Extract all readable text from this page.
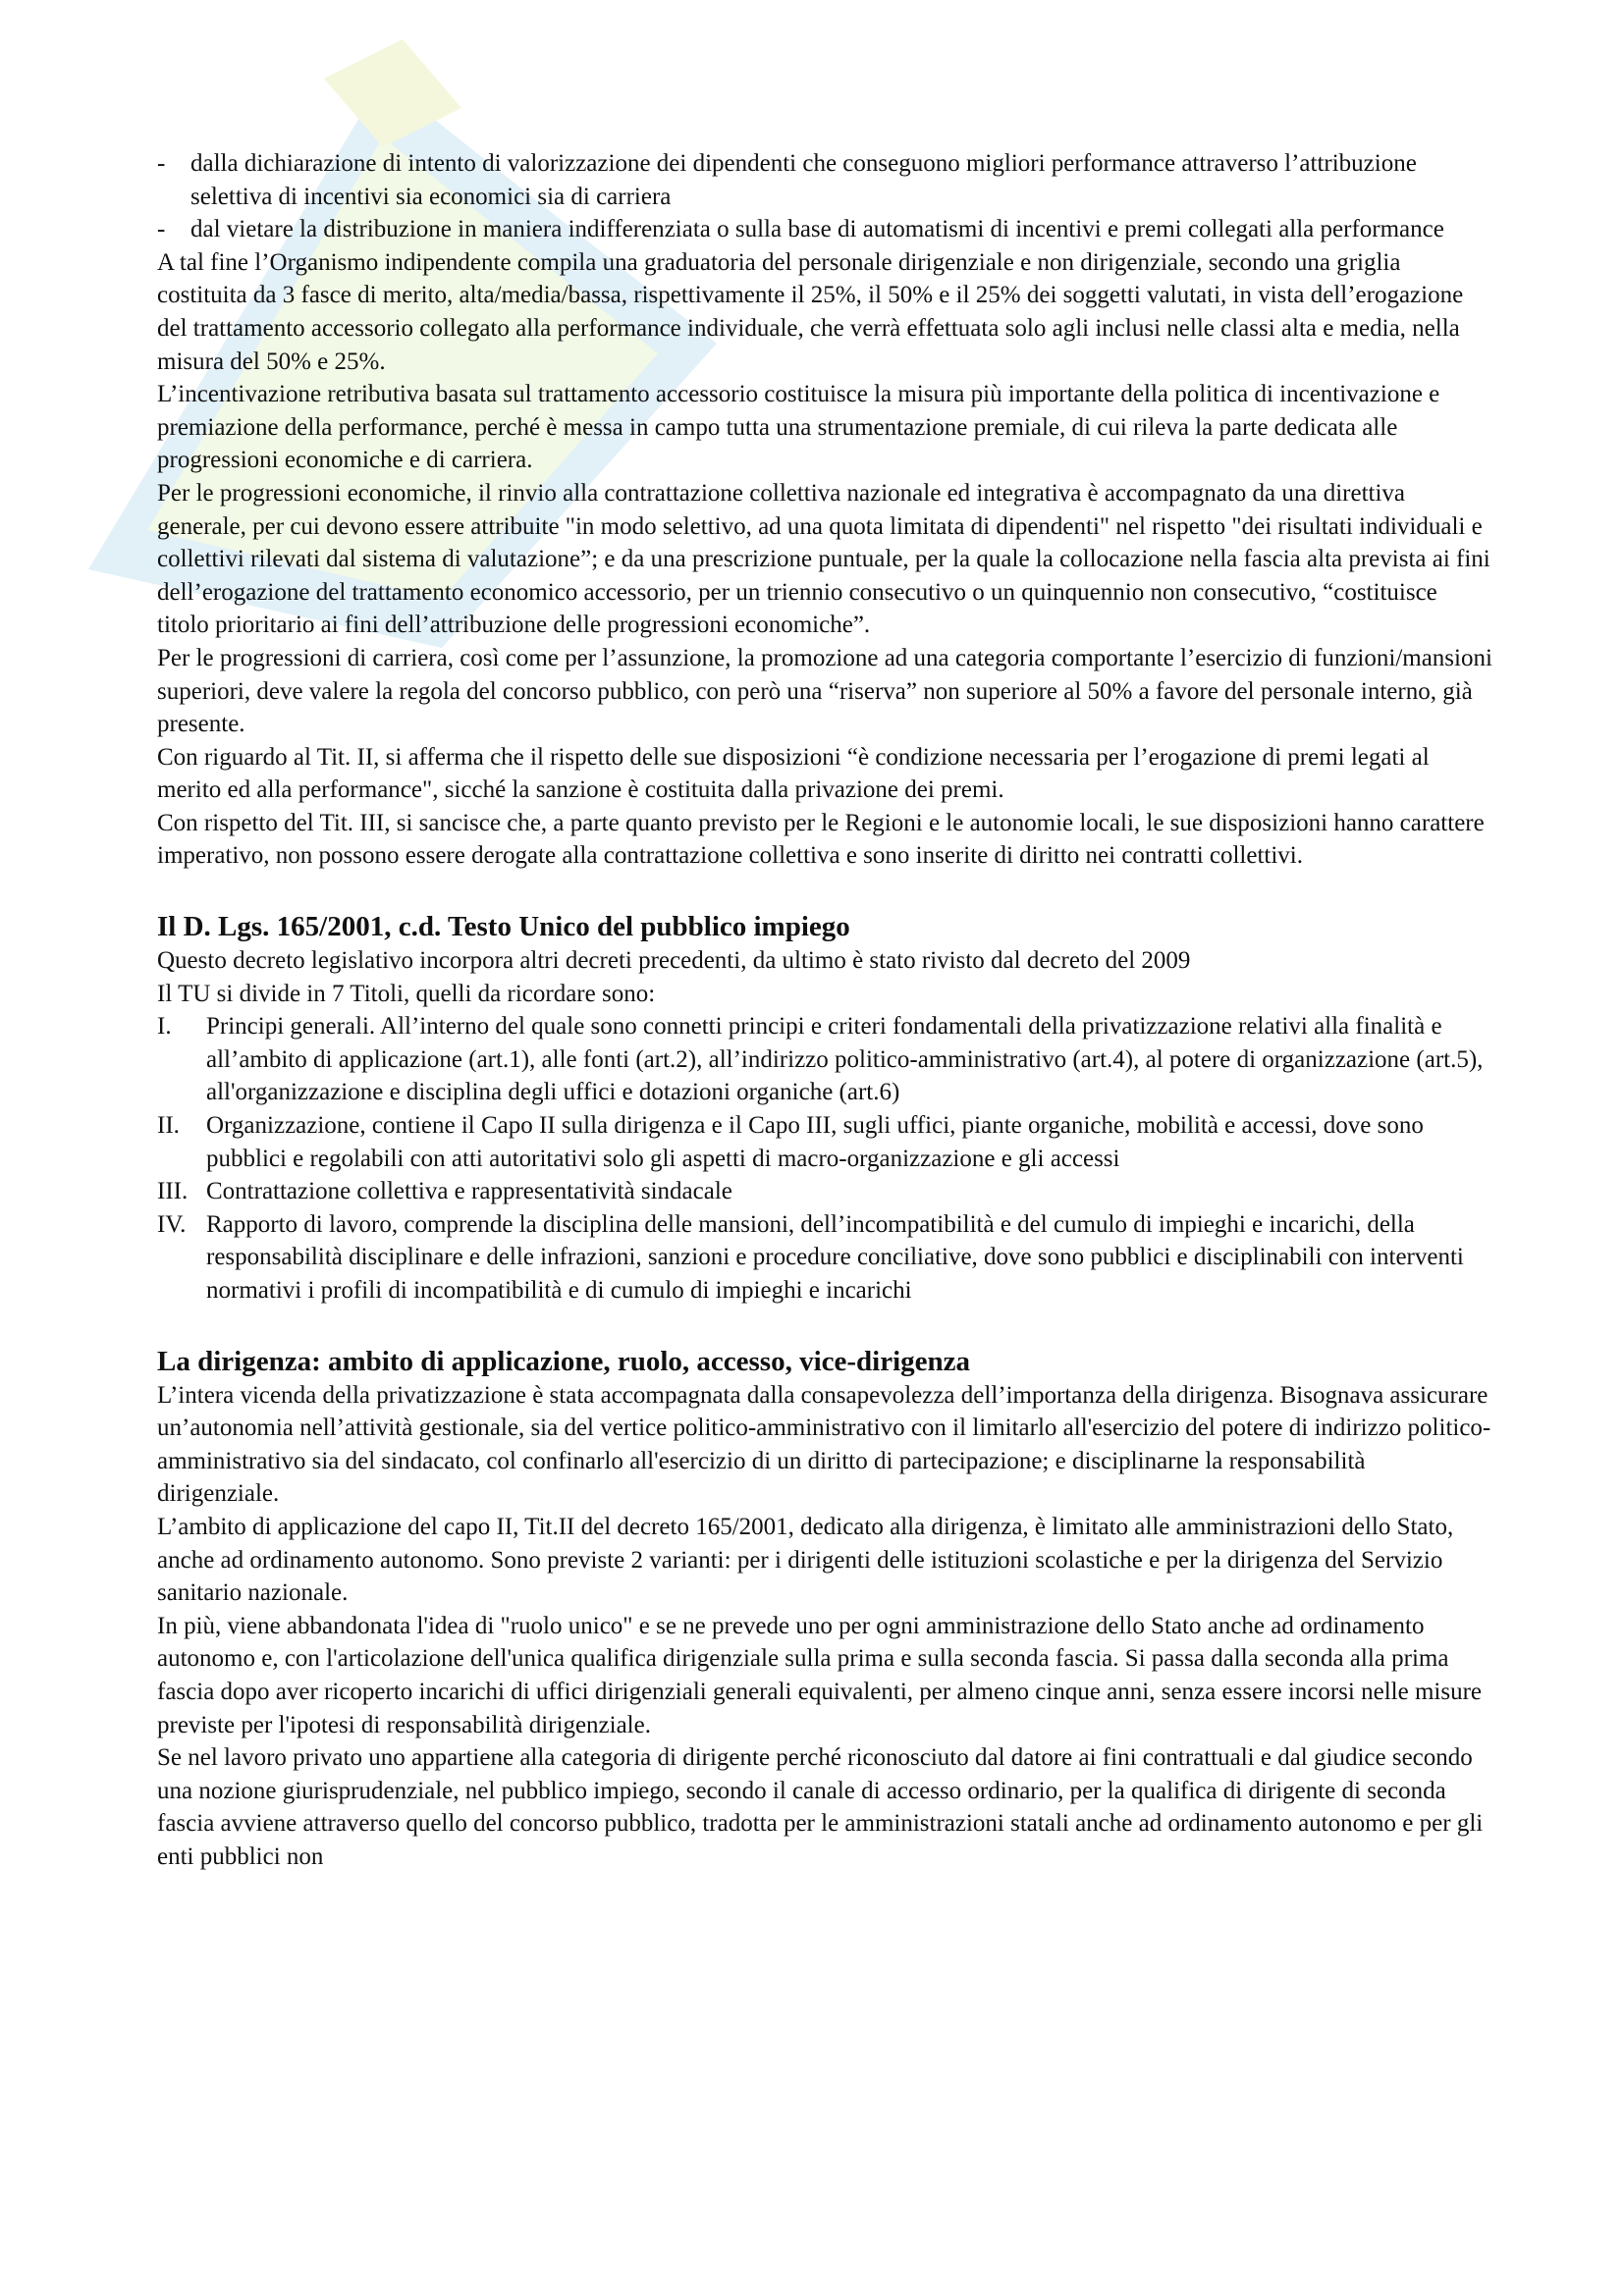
- dalla dichiarazione di intento di valorizzazione dei dipendenti che conseguono migliori performance attraverso l’attribuzione selettiva di incentivi sia economici sia di carriera
- dal vietare la distribuzione in maniera indifferenziata o sulla base di automatismi di incentivi e premi collegati alla performance

A tal fine l’Organismo indipendente compila una graduatoria del personale dirigenziale e non dirigenziale, secondo una griglia costituita da 3 fasce di merito, alta/media/bassa, rispettivamente il 25%, il 50% e il 25% dei soggetti valutati, in vista dell’erogazione del trattamento accessorio collegato alla performance individuale, che verrà effettuata solo agli inclusi nelle classi alta e media, nella misura del 50% e 25%.

L’incentivazione retributiva basata sul trattamento accessorio costituisce la misura più importante della politica di incentivazione e premiazione della performance, perché è messa in campo tutta una strumentazione premiale, di cui rileva la parte dedicata alle progressioni economiche e di carriera.

Per le progressioni economiche, il rinvio alla contrattazione collettiva nazionale ed integrativa è accompagnato da una direttiva generale, per cui devono essere attribuite "in modo selettivo, ad una quota limitata di dipendenti" nel rispetto "dei risultati individuali e collettivi rilevati dal sistema di valutazione”; e da una prescrizione puntuale, per la quale la collocazione nella fascia alta prevista ai fini dell’erogazione del trattamento economico accessorio, per un triennio consecutivo o un quinquennio non consecutivo, “costituisce titolo prioritario ai fini dell’attribuzione delle progressioni economiche”.

Per le progressioni di carriera, così come per l’assunzione, la promozione ad una categoria comportante l’esercizio di funzioni/mansioni superiori, deve valere la regola del concorso pubblico, con però una “riserva” non superiore al 50% a favore del personale interno, già presente.

Con riguardo al Tit. II, si afferma che il rispetto delle sue disposizioni “è condizione necessaria per l’erogazione di premi legati al merito ed alla performance", sicché la sanzione è costituita dalla privazione dei premi.

Con rispetto del Tit. III, si sancisce che, a parte quanto previsto per le Regioni e le autonomie locali, le sue disposizioni hanno carattere imperativo, non possono essere derogate alla contrattazione collettiva e sono inserite di diritto nei contratti collettivi.

Il D. Lgs. 165/2001, c.d. Testo Unico del pubblico impiego

Questo decreto legislativo incorpora altri decreti precedenti, da ultimo è stato rivisto dal decreto del 2009

Il TU si divide in 7 Titoli, quelli da ricordare sono:

I. Principi generali. All’interno del quale sono connetti principi e criteri fondamentali della privatizzazione relativi alla finalità e all’ambito di applicazione (art.1), alle fonti (art.2), all’indirizzo politico-amministrativo (art.4), al potere di organizzazione (art.5), all'organizzazione e disciplina degli uffici e dotazioni organiche (art.6)
II. Organizzazione, contiene il Capo II sulla dirigenza e il Capo III, sugli uffici, piante organiche, mobilità e accessi, dove sono pubblici e regolabili con atti autoritativi solo gli aspetti di macro-organizzazione e gli accessi
III. Contrattazione collettiva e rappresentatività sindacale
IV. Rapporto di lavoro, comprende la disciplina delle mansioni, dell’incompatibilità e del cumulo di impieghi e incarichi, della responsabilità disciplinare e delle infrazioni, sanzioni e procedure conciliative, dove sono pubblici e disciplinabili con interventi normativi i profili di incompatibilità e di cumulo di impieghi e incarichi
La dirigenza: ambito di applicazione, ruolo, accesso, vice-dirigenza

L’intera vicenda della privatizzazione è stata accompagnata dalla consapevolezza dell’importanza della dirigenza. Bisognava assicurare un’autonomia nell’attività gestionale, sia del vertice politico-amministrativo con il limitarlo all'esercizio del potere di indirizzo politico-amministrativo sia del sindacato, col confinarlo all'esercizio di un diritto di partecipazione; e disciplinarne la responsabilità dirigenziale.

L’ambito di applicazione del capo II, Tit.II del decreto 165/2001, dedicato alla dirigenza, è limitato alle amministrazioni dello Stato, anche ad ordinamento autonomo. Sono previste 2 varianti: per i dirigenti delle istituzioni scolastiche e per la dirigenza del Servizio sanitario nazionale.

In più, viene abbandonata l'idea di "ruolo unico" e se ne prevede uno per ogni amministrazione dello Stato anche ad ordinamento autonomo e, con l'articolazione dell'unica qualifica dirigenziale sulla prima e sulla seconda fascia. Si passa dalla seconda alla prima fascia dopo aver ricoperto incarichi di uffici dirigenziali generali equivalenti, per almeno cinque anni, senza essere incorsi nelle misure previste per l'ipotesi di responsabilità dirigenziale.

Se nel lavoro privato uno appartiene alla categoria di dirigente perché riconosciuto dal datore ai fini contrattuali e dal giudice secondo una nozione giurisprudenziale, nel pubblico impiego, secondo il canale di accesso ordinario, per la qualifica di dirigente di seconda fascia avviene attraverso quello del concorso pubblico, tradotta per le amministrazioni statali anche ad ordinamento autonomo e per gli enti pubblici non
